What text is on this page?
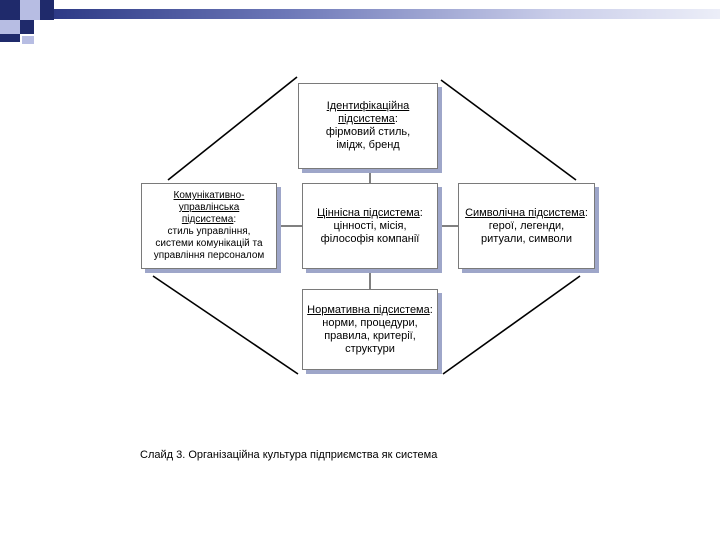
Ідентифікаційна підсистема:
фірмовий стиль,
імідж, бренд
Комунікативно-
управлінська
підсистема:
стиль управління,
системи комунікацій та
управління персоналом
Ціннісна підсистема:
цінності, місія,
філософія компанії
Символічна підсистема:
герої, легенди,
ритуали, символи
Нормативна підсистема:
норми, процедури,
правила, критерії,
структури
Слайд 3. Організаційна культура підприємства як система
